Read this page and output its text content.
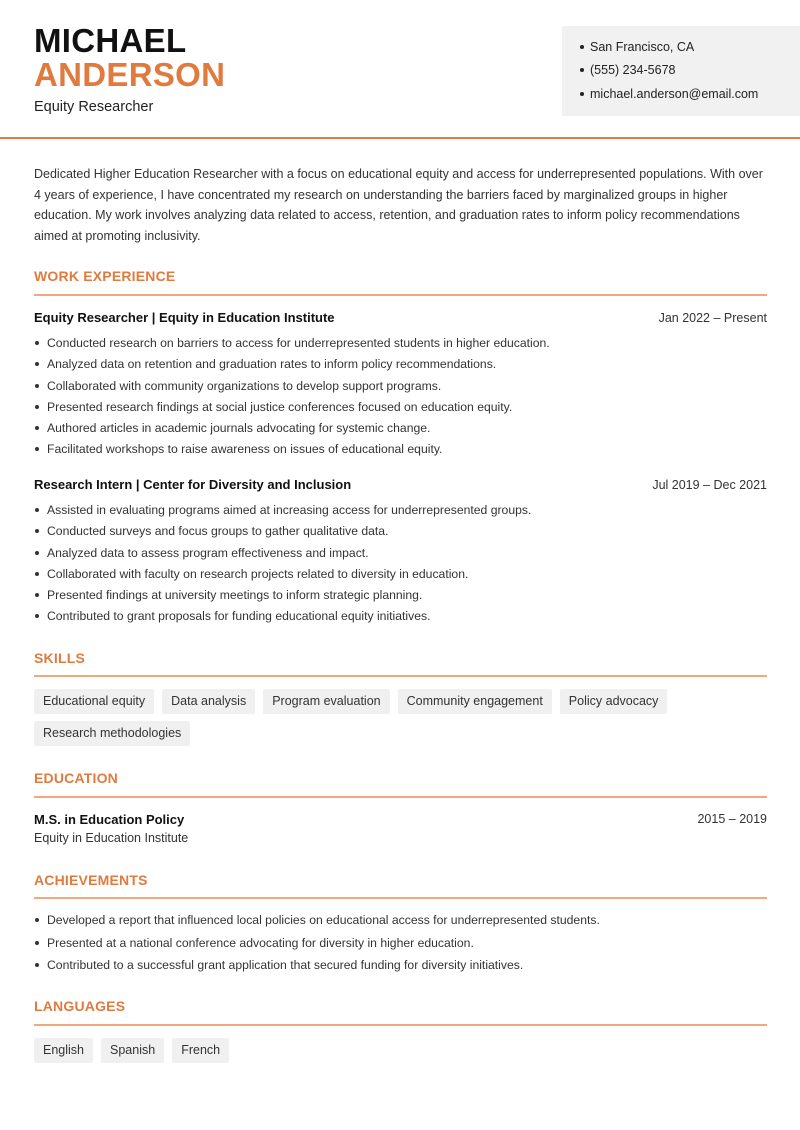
MICHAEL
ANDERSON
Equity Researcher
San Francisco, CA
(555) 234-5678
michael.anderson@email.com
Dedicated Higher Education Researcher with a focus on educational equity and access for underrepresented populations. With over 4 years of experience, I have concentrated my research on understanding the barriers faced by marginalized groups in higher education. My work involves analyzing data related to access, retention, and graduation rates to inform policy recommendations aimed at promoting inclusivity.
WORK EXPERIENCE
Equity Researcher | Equity in Education Institute	Jan 2022 – Present
Conducted research on barriers to access for underrepresented students in higher education.
Analyzed data on retention and graduation rates to inform policy recommendations.
Collaborated with community organizations to develop support programs.
Presented research findings at social justice conferences focused on education equity.
Authored articles in academic journals advocating for systemic change.
Facilitated workshops to raise awareness on issues of educational equity.
Research Intern | Center for Diversity and Inclusion	Jul 2019 – Dec 2021
Assisted in evaluating programs aimed at increasing access for underrepresented groups.
Conducted surveys and focus groups to gather qualitative data.
Analyzed data to assess program effectiveness and impact.
Collaborated with faculty on research projects related to diversity in education.
Presented findings at university meetings to inform strategic planning.
Contributed to grant proposals for funding educational equity initiatives.
SKILLS
Educational equity	Data analysis	Program evaluation	Community engagement	Policy advocacy
Research methodologies
EDUCATION
M.S. in Education Policy	2015 – 2019
Equity in Education Institute
ACHIEVEMENTS
Developed a report that influenced local policies on educational access for underrepresented students.
Presented at a national conference advocating for diversity in higher education.
Contributed to a successful grant application that secured funding for diversity initiatives.
LANGUAGES
English	Spanish	French
